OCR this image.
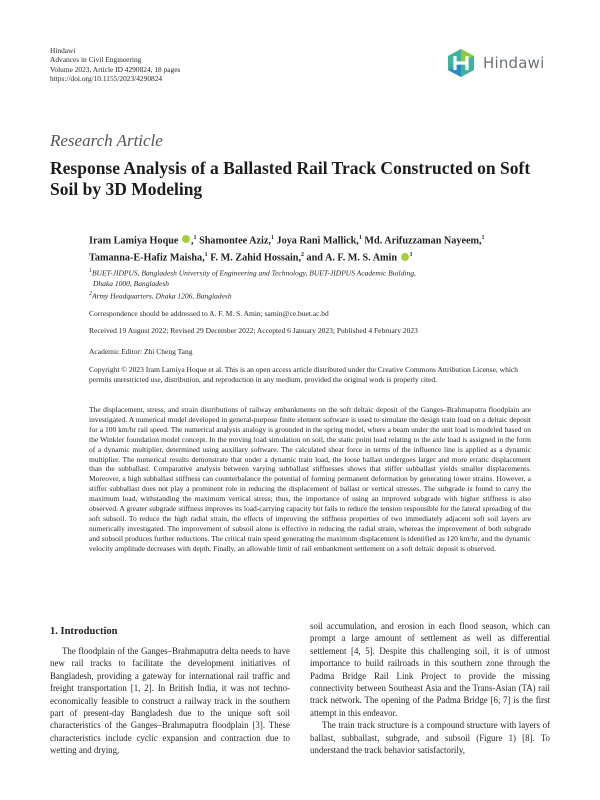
Hindawi
Advances in Civil Engineering
Volume 2023, Article ID 4290824, 18 pages
https://doi.org/10.1155/2023/4290824
Hindawi
Research Article
Response Analysis of a Ballasted Rail Track Constructed on Soft Soil by 3D Modeling
Iram Lamiya Hoque ,$^1$ Shamontee Aziz,$^1$ Joya Rani Mallick,$^1$ Md. Arifuzzaman Nayeem,$^1$
Tamanna-E-Hafiz Maisha,$^1$ F. M. Zahid Hossain,$^2$ and A. F. M. S. Amin $^1$
$^1$BUET-JIDPUS, Bangladesh University of Engineering and Technology, BUET-JIDPUS Academic Building,
Dhaka 1000, Bangladesh
$^2$Army Headquarters, Dhaka 1206, Bangladesh
Correspondence should be addressed to A. F. M. S. Amin; samin@ce.buet.ac.bd
Received 19 August 2022; Revised 29 December 2022; Accepted 6 January 2023; Published 4 February 2023
Academic Editor: Zhi Cheng Tang
Copyright © 2023 Iram Lamiya Hoque et al. This is an open access article distributed under the Creative Commons Attribution License, which permits unrestricted use, distribution, and reproduction in any medium, provided the original work is properly cited.
The displacement, stress, and strain distributions of railway embankments on the soft deltaic deposit of the Ganges–Brahmaputra floodplain are investigated. A numerical model developed in general-purpose finite element software is used to simulate the design train load on a deltaic deposit for a 100 km/hr rail speed. The numerical analysis analogy is grounded in the spring model, where a beam under the unit load is modeled based on the Winkler foundation model concept. In the moving load simulation on soil, the static point load relating to the axle load is assigned in the form of a dynamic multiplier, determined using auxiliary software. The calculated shear force in terms of the influence line is applied as a dynamic multiplier. The numerical results demonstrate that under a dynamic train load, the loose ballast undergoes larger and more erratic displacement than the subballast. Comparative analysis between varying subballast stiffnesses shows that stiffer subballast yields smaller displacements. Moreover, a high subballast stiffness can counterbalance the potential of forming permanent deformation by generating lower strains. However, a stiffer subballast does not play a prominent role in reducing the displacement of ballast or vertical stresses. The subgrade is found to carry the maximum load, withstanding the maximum vertical stress; thus, the importance of using an improved subgrade with higher stiffness is also observed. A greater subgrade stiffness improves its load-carrying capacity but fails to reduce the tension responsible for the lateral spreading of the soft subsoil. To reduce the high radial strain, the effects of improving the stiffness properties of two immediately adjacent soft soil layers are numerically investigated. The improvement of subsoil alone is effective in reducing the radial strain, whereas the improvement of both subgrade and subsoil produces further reductions. The critical train speed generating the maximum displacement is identified as 120 km/hr, and the dynamic velocity amplitude decreases with depth. Finally, an allowable limit of rail embankment settlement on a soft deltaic deposit is observed.
1. Introduction

The floodplain of the Ganges–Brahmaputra delta needs to have new rail tracks to facilitate the development initiatives of Bangladesh, providing a gateway for international rail traffic and freight transportation [1, 2]. In British India, it was not techno-economically feasible to construct a railway track in the southern part of present-day Bangladesh due to the unique soft soil characteristics of the Ganges–Brahmaputra floodplain [3]. These characteristics include cyclic expansion and contraction due to wetting and drying,

soil accumulation, and erosion in each flood season, which can prompt a large amount of settlement as well as differential settlement [4, 5]. Despite this challenging soil, it is of utmost importance to build railroads in this southern zone through the Padma Bridge Rail Link Project to provide the missing connectivity between Southeast Asia and the Trans-Asian (TA) rail track network. The opening of the Padma Bridge [6, 7] is the first attempt in this endeavor.

The train track structure is a compound structure with layers of ballast, subballast, subgrade, and subsoil (Figure 1) [8]. To understand the track behavior satisfactorily,
